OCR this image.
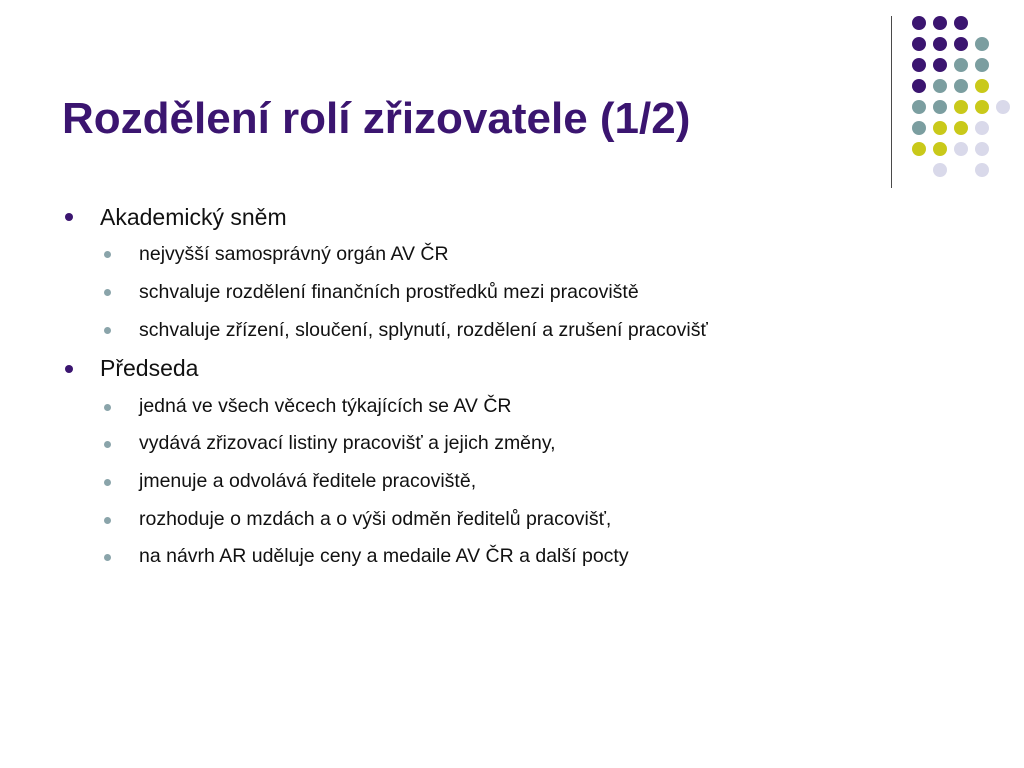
Rozdělení rolí zřizovatele (1/2)
Akademický sněm
nejvyšší samosprávný orgán AV ČR
schvaluje rozdělení finančních prostředků mezi pracoviště
schvaluje zřízení, sloučení, splynutí, rozdělení a zrušení pracovišť
Předseda
jedná ve všech věcech týkajících se AV ČR
vydává zřizovací listiny pracovišť a jejich změny,
jmenuje a odvolává ředitele pracoviště,
rozhoduje o mzdách a o výši odměn ředitelů pracovišť,
na návrh AR uděluje ceny a medaile AV ČR a další pocty
